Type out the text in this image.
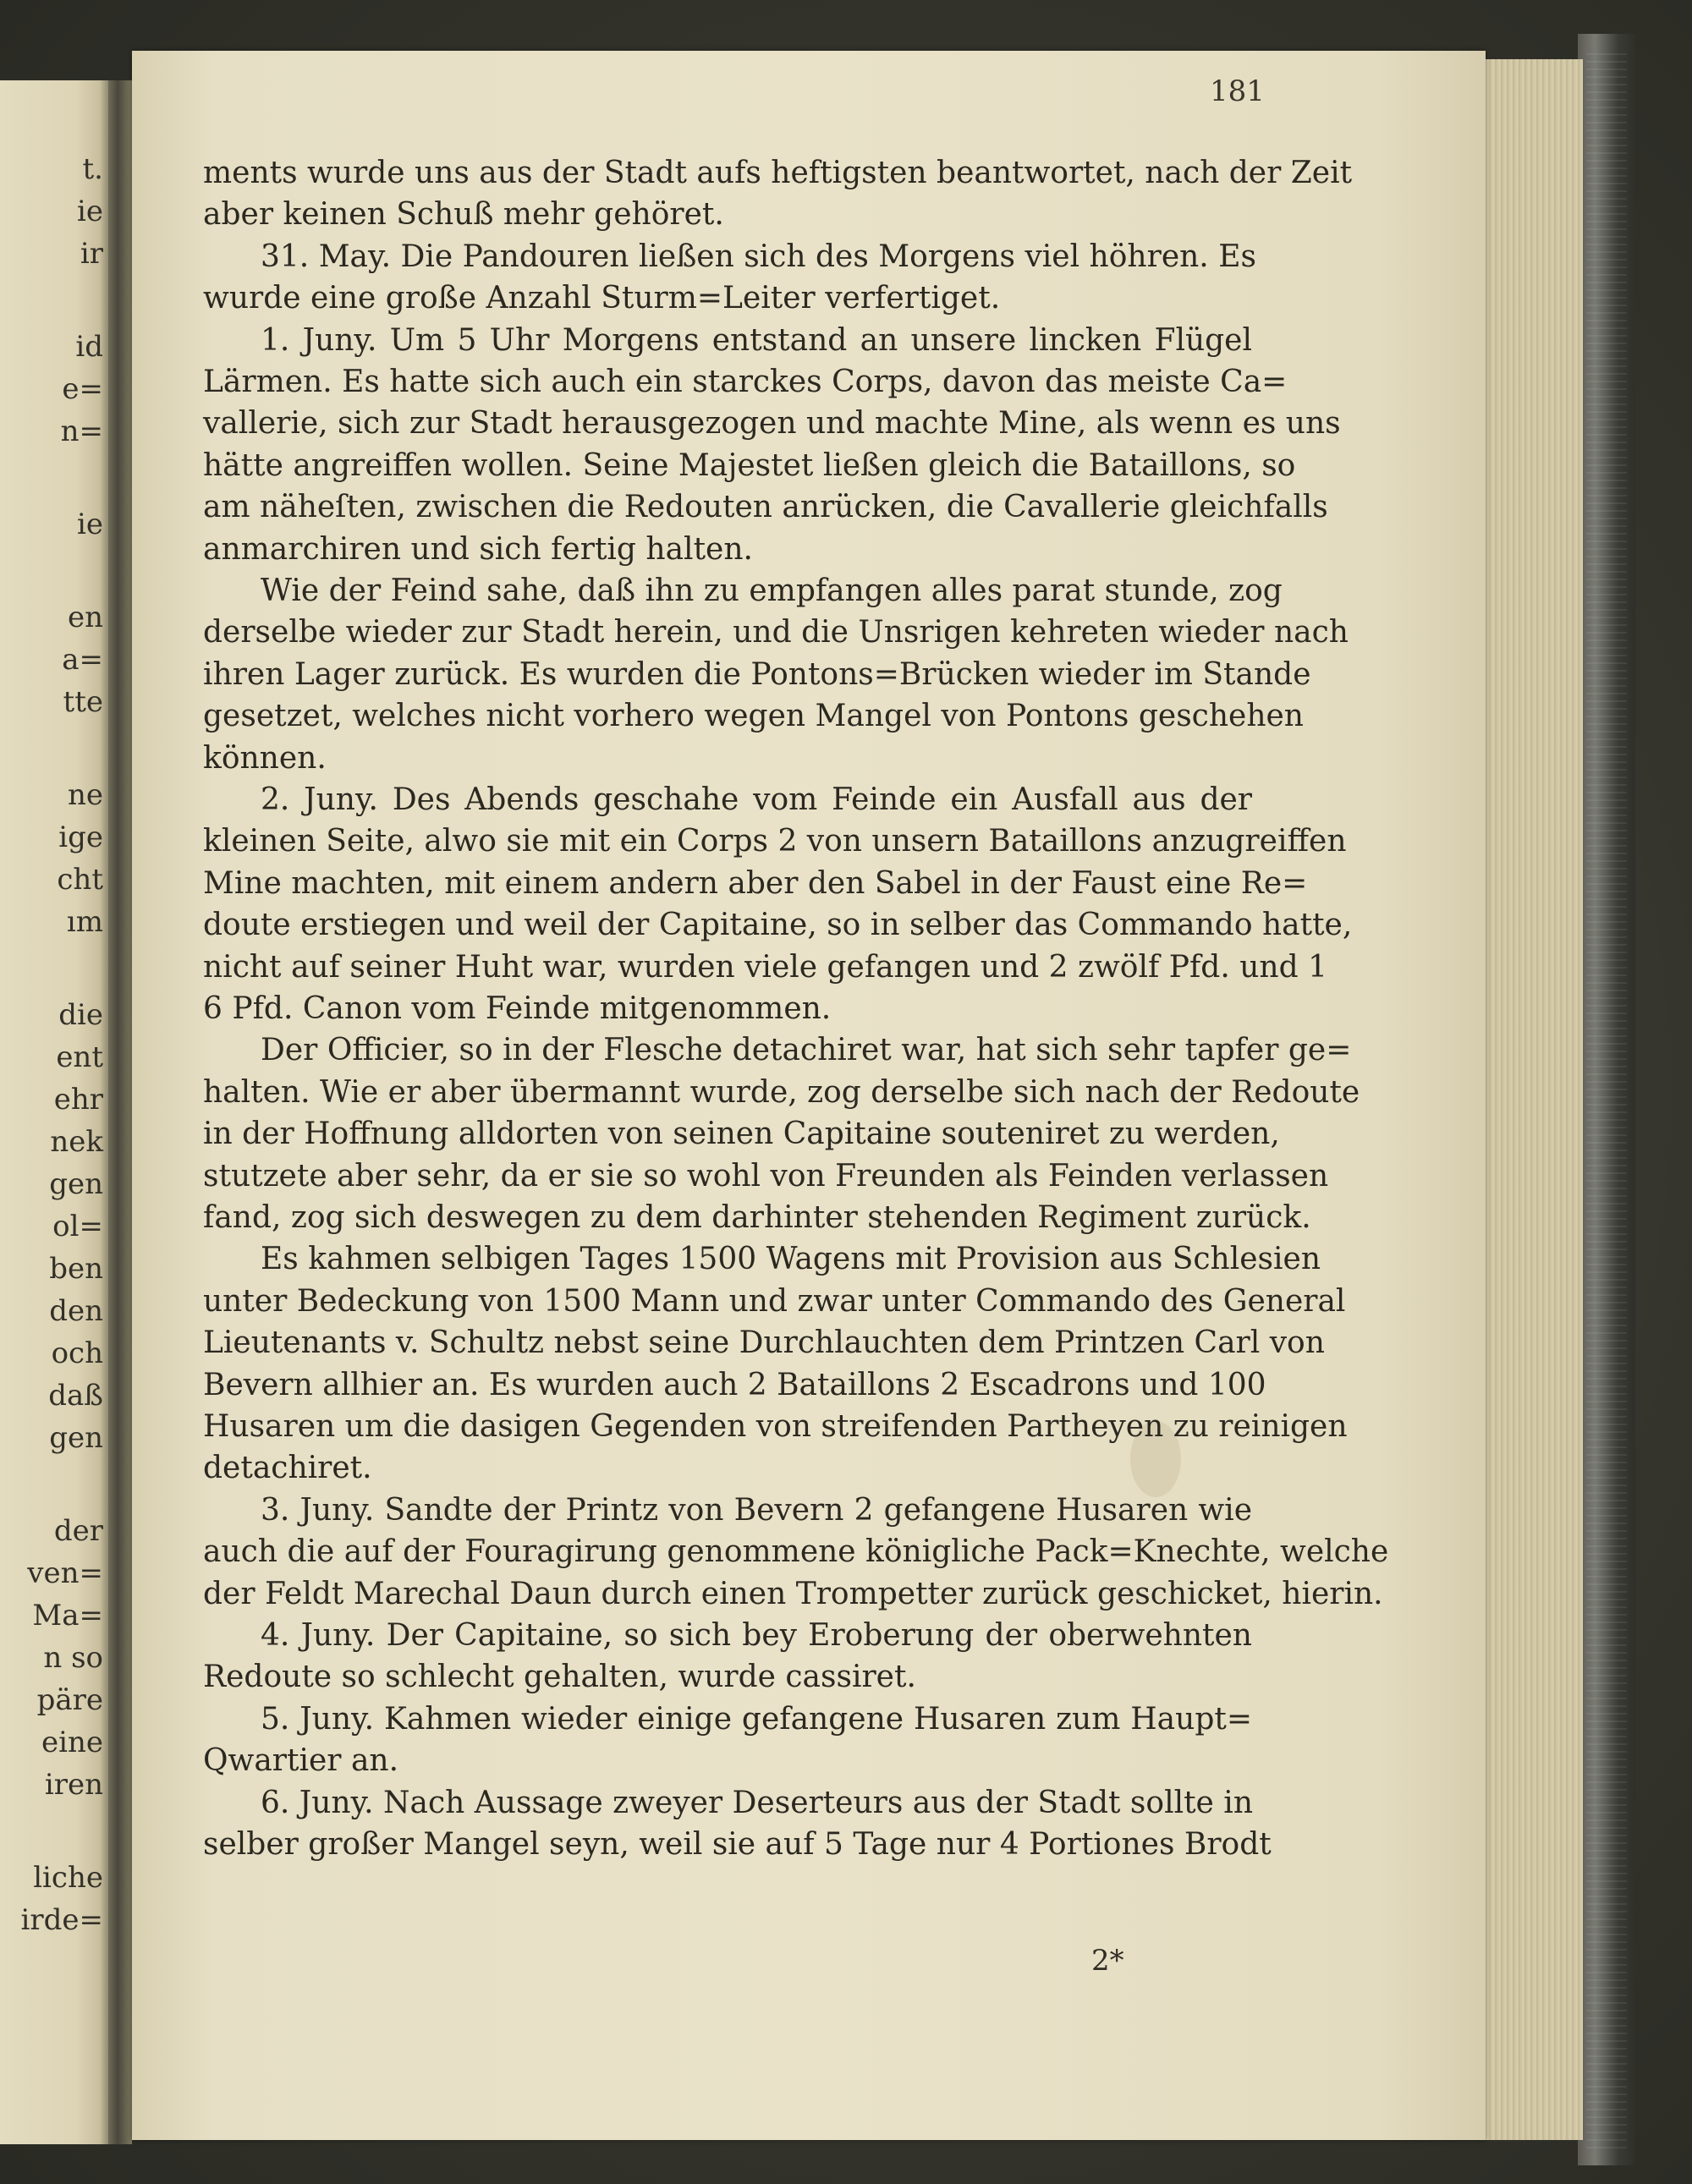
t.
ie
ir
id
e=
n=
ie
en
a=
tte
ne
ige
cht
ım
die
ent
ehr
nek
gen
ol=
ben
den
och
daß
gen
der
ven=
Ma=
n so
päre
eine
iren
liche
irde=
181
ments wurde uns aus der Stadt aufs heftigsten beantwortet, nach der Zeit
aber keinen Schuß mehr gehöret.
31. May. Die Pandouren ließen sich des Morgens viel höhren. Es
wurde eine große Anzahl Sturm=Leiter verfertiget.
1. Juny. Um 5 Uhr Morgens entstand an unsere lincken Flügel
Lärmen. Es hatte sich auch ein starckes Corps, davon das meiste Ca=
vallerie, sich zur Stadt herausgezogen und machte Mine, als wenn es uns
hätte angreiffen wollen. Seine Majestet ließen gleich die Bataillons, so
am näheſten, zwischen die Redouten anrücken, die Cavallerie gleichfalls
anmarchiren und sich fertig halten.
Wie der Feind sahe, daß ihn zu empfangen alles parat stunde, zog
derselbe wieder zur Stadt herein, und die Unsrigen kehreten wieder nach
ihren Lager zurück. Es wurden die Pontons=Brücken wieder im Stande
gesetzet, welches nicht vorhero wegen Mangel von Pontons geschehen
können.
2. Juny. Des Abends geschahe vom Feinde ein Ausfall aus der
kleinen Seite, alwo sie mit ein Corps 2 von unsern Bataillons anzugreiffen
Mine machten, mit einem andern aber den Sabel in der Faust eine Re=
doute erstiegen und weil der Capitaine, so in selber das Commando hatte,
nicht auf seiner Huht war, wurden viele gefangen und 2 zwölf Pfd. und 1
6 Pfd. Canon vom Feinde mitgenommen.
Der Officier, so in der Flesche detachiret war, hat sich sehr tapfer ge=
halten. Wie er aber übermannt wurde, zog derselbe sich nach der Redoute
in der Hoffnung alldorten von seinen Capitaine souteniret zu werden,
stutzete aber sehr, da er sie so wohl von Freunden als Feinden verlassen
fand, zog sich deswegen zu dem darhinter stehenden Regiment zurück.
Es kahmen selbigen Tages 1500 Wagens mit Provision aus Schlesien
unter Bedeckung von 1500 Mann und zwar unter Commando des General
Lieutenants v. Schultz nebst seine Durchlauchten dem Printzen Carl von
Bevern allhier an. Es wurden auch 2 Bataillons 2 Escadrons und 100
Husaren um die dasigen Gegenden von streifenden Partheyen zu reinigen
detachiret.
3. Juny. Sandte der Printz von Bevern 2 gefangene Husaren wie
auch die auf der Fouragirung genommene königliche Pack=Knechte, welche
der Feldt Marechal Daun durch einen Trompetter zurück geschicket, hierin.
4. Juny. Der Capitaine, so sich bey Eroberung der oberwehnten
Redoute so schlecht gehalten, wurde cassiret.
5. Juny. Kahmen wieder einige gefangene Husaren zum Haupt=
Qwartier an.
6. Juny. Nach Aussage zweyer Deserteurs aus der Stadt sollte in
selber großer Mangel seyn, weil sie auf 5 Tage nur 4 Portiones Brodt
2*
